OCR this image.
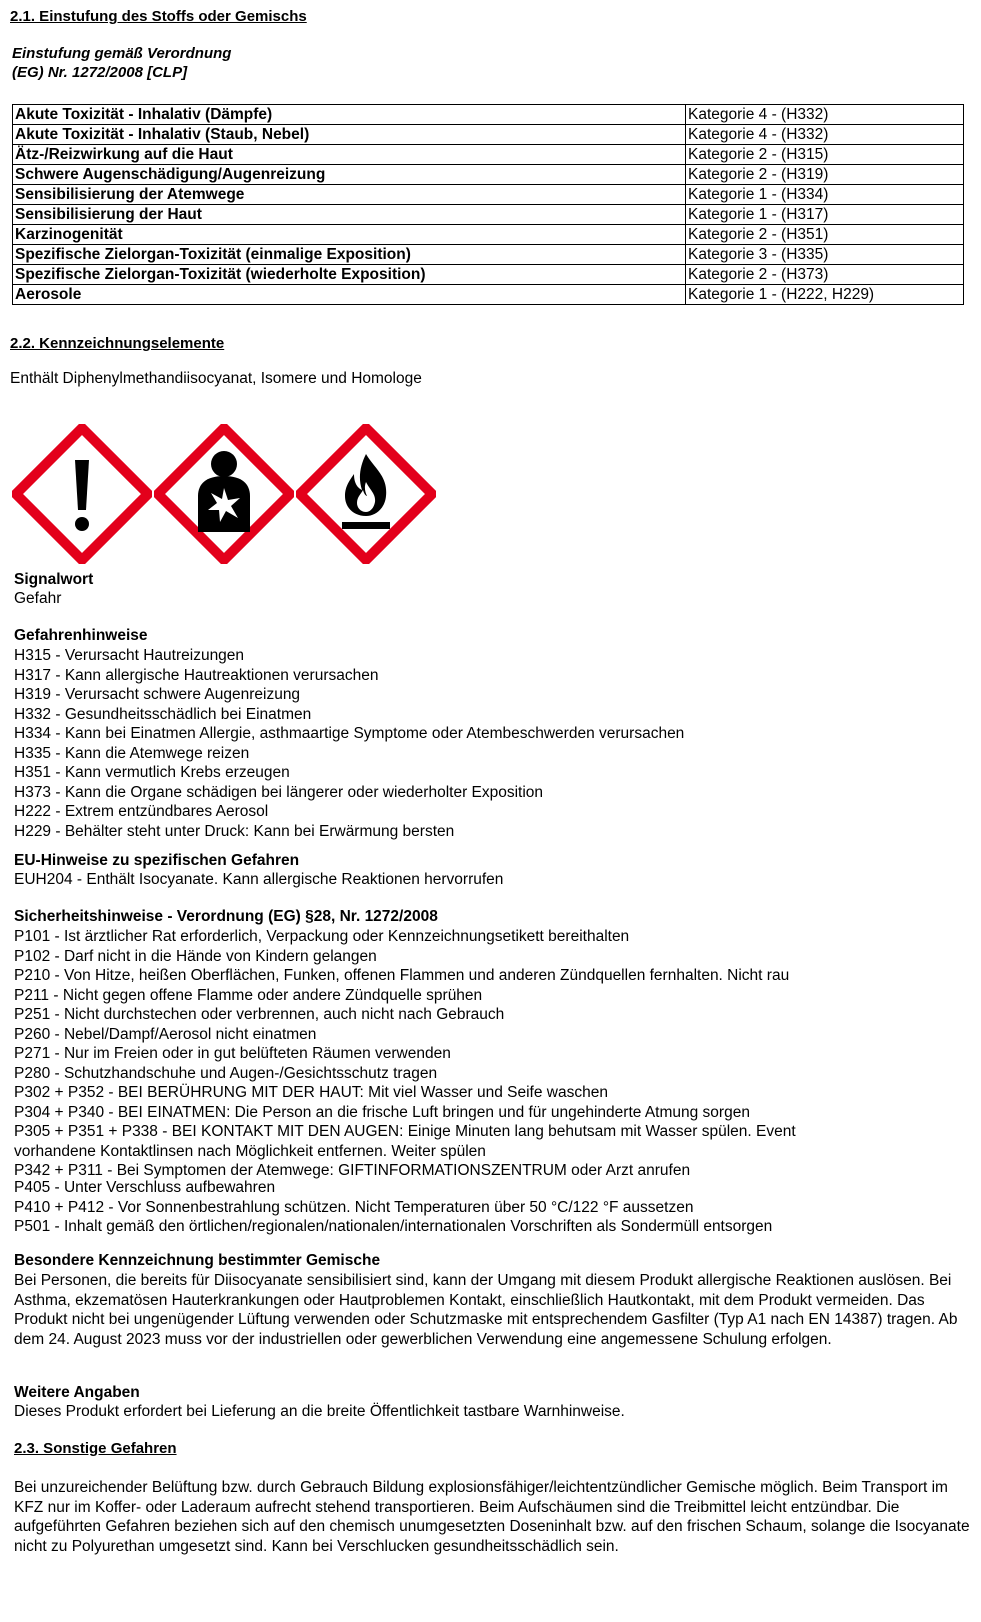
2.1. Einstufung des Stoffs oder Gemischs
Einstufung gemäß Verordnung
(EG) Nr. 1272/2008 [CLP]
Akute Toxizität - Inhalativ (Dämpfe)	Kategorie 4 - (H332)
Akute Toxizität - Inhalativ (Staub, Nebel)	Kategorie 4 - (H332)
Ätz-/Reizwirkung auf die Haut	Kategorie 2 - (H315)
Schwere Augenschädigung/Augenreizung	Kategorie 2 - (H319)
Sensibilisierung der Atemwege	Kategorie 1 - (H334)
Sensibilisierung der Haut	Kategorie 1 - (H317)
Karzinogenität	Kategorie 2 - (H351)
Spezifische Zielorgan-Toxizität (einmalige Exposition)	Kategorie 3 - (H335)
Spezifische Zielorgan-Toxizität (wiederholte Exposition)	Kategorie 2 - (H373)
Aerosole	Kategorie 1 - (H222, H229)
2.2. Kennzeichnungselemente
Enthält Diphenylmethandiisocyanat, Isomere und Homologe
Signalwort
Gefahr
Gefahrenhinweise
H315 - Verursacht Hautreizungen
H317 - Kann allergische Hautreaktionen verursachen
H319 - Verursacht schwere Augenreizung
H332 - Gesundheitsschädlich bei Einatmen
H334 - Kann bei Einatmen Allergie, asthmaartige Symptome oder Atembeschwerden verursachen
H335 - Kann die Atemwege reizen
H351 - Kann vermutlich Krebs erzeugen
H373 - Kann die Organe schädigen bei längerer oder wiederholter Exposition
H222 - Extrem entzündbares Aerosol
H229 - Behälter steht unter Druck: Kann bei Erwärmung bersten
EU-Hinweise zu spezifischen Gefahren
EUH204 - Enthält Isocyanate. Kann allergische Reaktionen hervorrufen
Sicherheitshinweise - Verordnung (EG) §28, Nr. 1272/2008
P101 - Ist ärztlicher Rat erforderlich, Verpackung oder Kennzeichnungsetikett bereithalten
P102 - Darf nicht in die Hände von Kindern gelangen
P210 - Von Hitze, heißen Oberflächen, Funken, offenen Flammen und anderen Zündquellen fernhalten. Nicht rau
P211 - Nicht gegen offene Flamme oder andere Zündquelle sprühen
P251 - Nicht durchstechen oder verbrennen, auch nicht nach Gebrauch
P260 - Nebel/Dampf/Aerosol nicht einatmen
P271 - Nur im Freien oder in gut belüfteten Räumen verwenden
P280 - Schutzhandschuhe und Augen-/Gesichtsschutz tragen
P302 + P352 - BEI BERÜHRUNG MIT DER HAUT: Mit viel Wasser und Seife waschen
P304 + P340 - BEI EINATMEN: Die Person an die frische Luft bringen und für ungehinderte Atmung sorgen
P305 + P351 + P338 - BEI KONTAKT MIT DEN AUGEN: Einige Minuten lang behutsam mit Wasser spülen. Event
vorhandene Kontaktlinsen nach Möglichkeit entfernen. Weiter spülen
P342 + P311 - Bei Symptomen der Atemwege: GIFTINFORMATIONSZENTRUM oder Arzt anrufen
P405 - Unter Verschluss aufbewahren
P410 + P412 - Vor Sonnenbestrahlung schützen. Nicht Temperaturen über 50 °C/122 °F aussetzen
P501 - Inhalt gemäß den örtlichen/regionalen/nationalen/internationalen Vorschriften als Sondermüll entsorgen
Besondere Kennzeichnung bestimmter Gemische
Bei Personen, die bereits für Diisocyanate sensibilisiert sind, kann der Umgang mit diesem Produkt allergische Reaktionen auslösen. Bei Asthma, ekzematösen Hauterkrankungen oder Hautproblemen Kontakt, einschließlich Hautkontakt, mit dem Produkt vermeiden. Das Produkt nicht bei ungenügender Lüftung verwenden oder Schutzmaske mit entsprechendem Gasfilter (Typ A1 nach EN 14387) tragen. Ab dem 24. August 2023 muss vor der industriellen oder gewerblichen Verwendung eine angemessene Schulung erfolgen.
Weitere Angaben
Dieses Produkt erfordert bei Lieferung an die breite Öffentlichkeit tastbare Warnhinweise.
2.3. Sonstige Gefahren
Bei unzureichender Belüftung bzw. durch Gebrauch Bildung explosionsfähiger/leichtentzündlicher Gemische möglich. Beim Transport im KFZ nur im Koffer- oder Laderaum aufrecht stehend transportieren. Beim Aufschäumen sind die Treibmittel leicht entzündbar. Die aufgeführten Gefahren beziehen sich auf den chemisch unumgesetzten Doseninhalt bzw. auf den frischen Schaum, solange die Isocyanate nicht zu Polyurethan umgesetzt sind. Kann bei Verschlucken gesundheitsschädlich sein.
